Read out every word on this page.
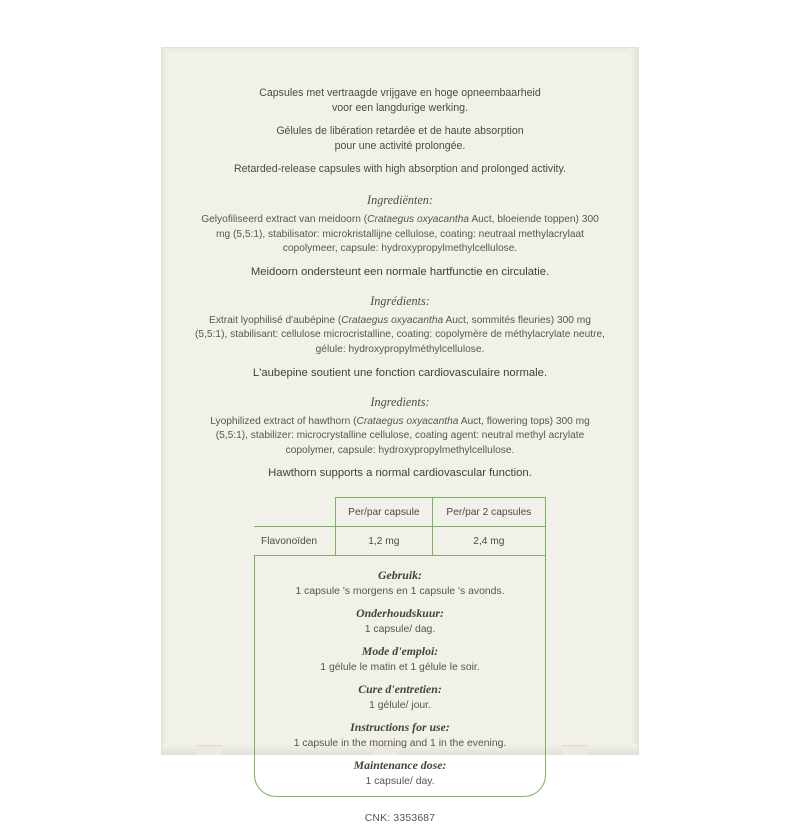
Capsules met vertraagde vrijgave en hoge opneembaarheid
voor een langdurige werking.
Gélules de libération retardée et de haute absorption
pour une activité prolongée.
Retarded-release capsules with high absorption and prolonged activity.
Ingrediënten:
Gelyofiliseerd extract van meidoorn (Crataegus oxyacantha Auct, bloeiende toppen) 300 mg (5,5:1), stabilisator: microkristallijne cellulose, coating: neutraal methylacrylaat copolymeer, capsule: hydroxypropylmethylcellulose.
Meidoorn ondersteunt een normale hartfunctie en circulatie.
Ingrédients:
Extrait lyophilisé d'aubépine (Crataegus oxyacantha Auct, sommités fleuries) 300 mg (5,5:1), stabilisant: cellulose microcristalline, coating: copolymère de méthylacrylate neutre, gélule: hydroxypropylméthylcellulose.
L'aubepine soutient une fonction cardiovasculaire normale.
Ingredients:
Lyophilized extract of hawthorn (Crataegus oxyacantha Auct, flowering tops) 300 mg (5,5:1), stabilizer: microcrystalline cellulose, coating agent: neutral methyl acrylate copolymer, capsule: hydroxypropylmethylcellulose.
Hawthorn supports a normal cardiovascular function.
	Per/par capsule	Per/par 2 capsules
Flavonoïden	1,2 mg	2,4 mg
Gebruik:
1 capsule 's morgens en 1 capsule 's avonds.
Onderhoudskuur:
1 capsule/ dag.
Mode d'emploi:
1 gélule le matin et 1 gélule le soir.
Cure d'entretien:
1 gélule/ jour.
Instructions for use:
1 capsule in the morning and 1 in the evening.
Maintenance dose:
1 capsule/ day.
CNK: 3353687
